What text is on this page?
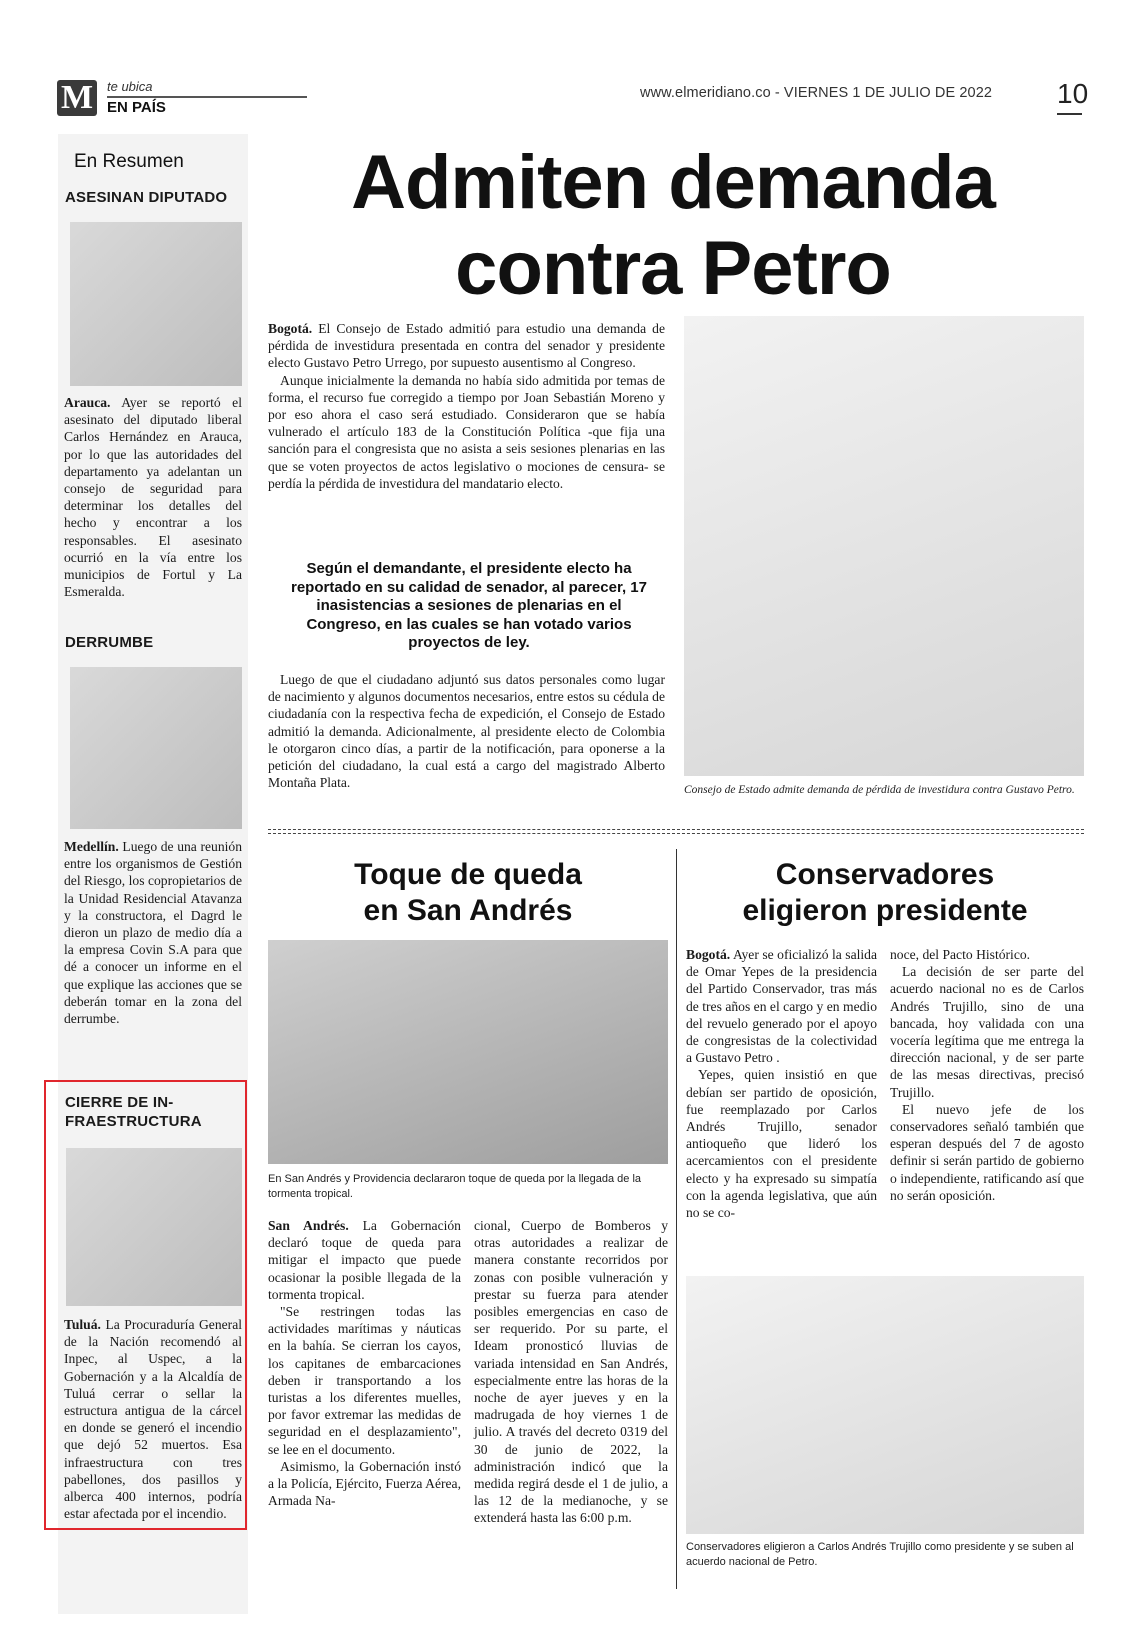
M	te ubica
EN PAÍS
www.elmeridiano.co - VIERNES 1 DE JULIO DE 2022 10
En Resumen
ASESINAN DIPUTADO

Arauca. Ayer se reportó el asesinato del diputado liberal Carlos Hernández en Arauca, por lo que las autoridades del departamento ya adelantan un consejo de seguridad para determinar los detalles del hecho y encontrar a los responsables. El asesinato ocurrió en la vía entre los municipios de Fortul y La Esmeralda.

DERRUMBE

Medellín. Luego de una reunión entre los organismos de Gestión del Riesgo, los copropietarios de la Unidad Residencial Atavanza y la constructora, el Dagrd le dieron un plazo de medio día a la empresa Covin S.A para que dé a conocer un informe en el que explique las acciones que se deberán tomar en la zona del derrumbe.

CIERRE DE IN-
FRAESTRUCTURA

Tuluá. La Procuraduría General de la Nación recomendó al Inpec, al Uspec, a la Gobernación y a la Alcaldía de Tuluá cerrar o sellar la estructura antigua de la cárcel en donde se generó el incendio que dejó 52 muertos. Esa infraestructura con tres pabellones, dos pasillos y alberca 400 internos, podría estar afectada por el incendio.

Admiten demanda
contra Petro

Bogotá. El Consejo de Estado admitió para estudio una demanda de pérdida de investidura presentada en contra del senador y presidente electo Gustavo Petro Urrego, por supuesto ausentismo al Congreso.

Aunque inicialmente la demanda no había sido admitida por temas de forma, el recurso fue corregido a tiempo por Joan Sebastián Moreno y por eso ahora el caso será estudiado. Consideraron que se había vulnerado el artículo 183 de la Constitución Política -que fija una sanción para el congresista que no asista a seis sesiones plenarias en las que se voten proyectos de actos legislativo o mociones de censura- se perdía la pérdida de investidura del mandatario electo.

Según el demandante, el presidente electo ha reportado en su calidad de senador, al parecer, 17 inasistencias a sesiones de plenarias en el Congreso, en las cuales se han votado varios proyectos de ley.

Luego de que el ciudadano adjuntó sus datos personales como lugar de nacimiento y algunos documentos necesarios, entre estos su cédula de ciudadanía con la respectiva fecha de expedición, el Consejo de Estado admitió la demanda. Adicionalmente, al presidente electo de Colombia le otorgaron cinco días, a partir de la notificación, para oponerse a la petición del ciudadano, la cual está a cargo del magistrado Alberto Montaña Plata.	Consejo de Estado admite demanda de pérdida de investidura contra Gustavo Petro.
Toque de queda
en San Andrés
En San Andrés y Providencia declararon toque de queda por la llegada de la tormenta tropical.

San Andrés. La Gobernación declaró toque de queda para mitigar el impacto que puede ocasionar la posible llegada de la tormenta tropical.

"Se restringen todas las actividades marítimas y náuticas en la bahía. Se cierran los cayos, los capitanes de embarcaciones deben ir transportando a los turistas a los diferentes muelles, por favor extremar las medidas de seguridad en el desplazamiento", se lee en el documento.

Asimismo, la Gobernación instó a la Policía, Ejército, Fuerza Aérea, Armada Na-

cional, Cuerpo de Bomberos y otras autoridades a realizar de manera constante recorridos por zonas con posible vulneración y prestar su fuerza para atender posibles emergencias en caso de ser requerido. Por su parte, el Ideam pronosticó lluvias de variada intensidad en San Andrés, especialmente entre las horas de la noche de ayer jueves y en la madrugada de hoy viernes 1 de julio. A través del decreto 0319 del 30 de junio de 2022, la administración indicó que la medida regirá desde el 1 de julio, a las 12 de la medianoche, y se extenderá hasta las 6:00 p.m.

Conservadores
eligieron presidente

Bogotá. Ayer se oficializó la salida de Omar Yepes de la presidencia del Partido Conservador, tras más de tres años en el cargo y en medio del revuelo generado por el apoyo de congresistas de la colectividad a Gustavo Petro .

Yepes, quien insistió en que debían ser partido de oposición, fue reemplazado por Carlos Andrés Trujillo, senador antioqueño que lideró los acercamientos con el presidente electo y ha expresado su simpatía con la agenda legislativa, que aún no se co-

noce, del Pacto Histórico.

La decisión de ser parte del acuerdo nacional no es de Carlos Andrés Trujillo, sino de una bancada, hoy validada con una vocería legítima que me entrega la dirección nacional, y de ser parte de las mesas directivas, precisó Trujillo.

El nuevo jefe de los conservadores señaló también que esperan después del 7 de agosto definir si serán partido de gobierno o independiente, ratificando así que no serán oposición.

Conservadores eligieron a Carlos Andrés Trujillo como presidente y se suben al acuerdo nacional de Petro.
